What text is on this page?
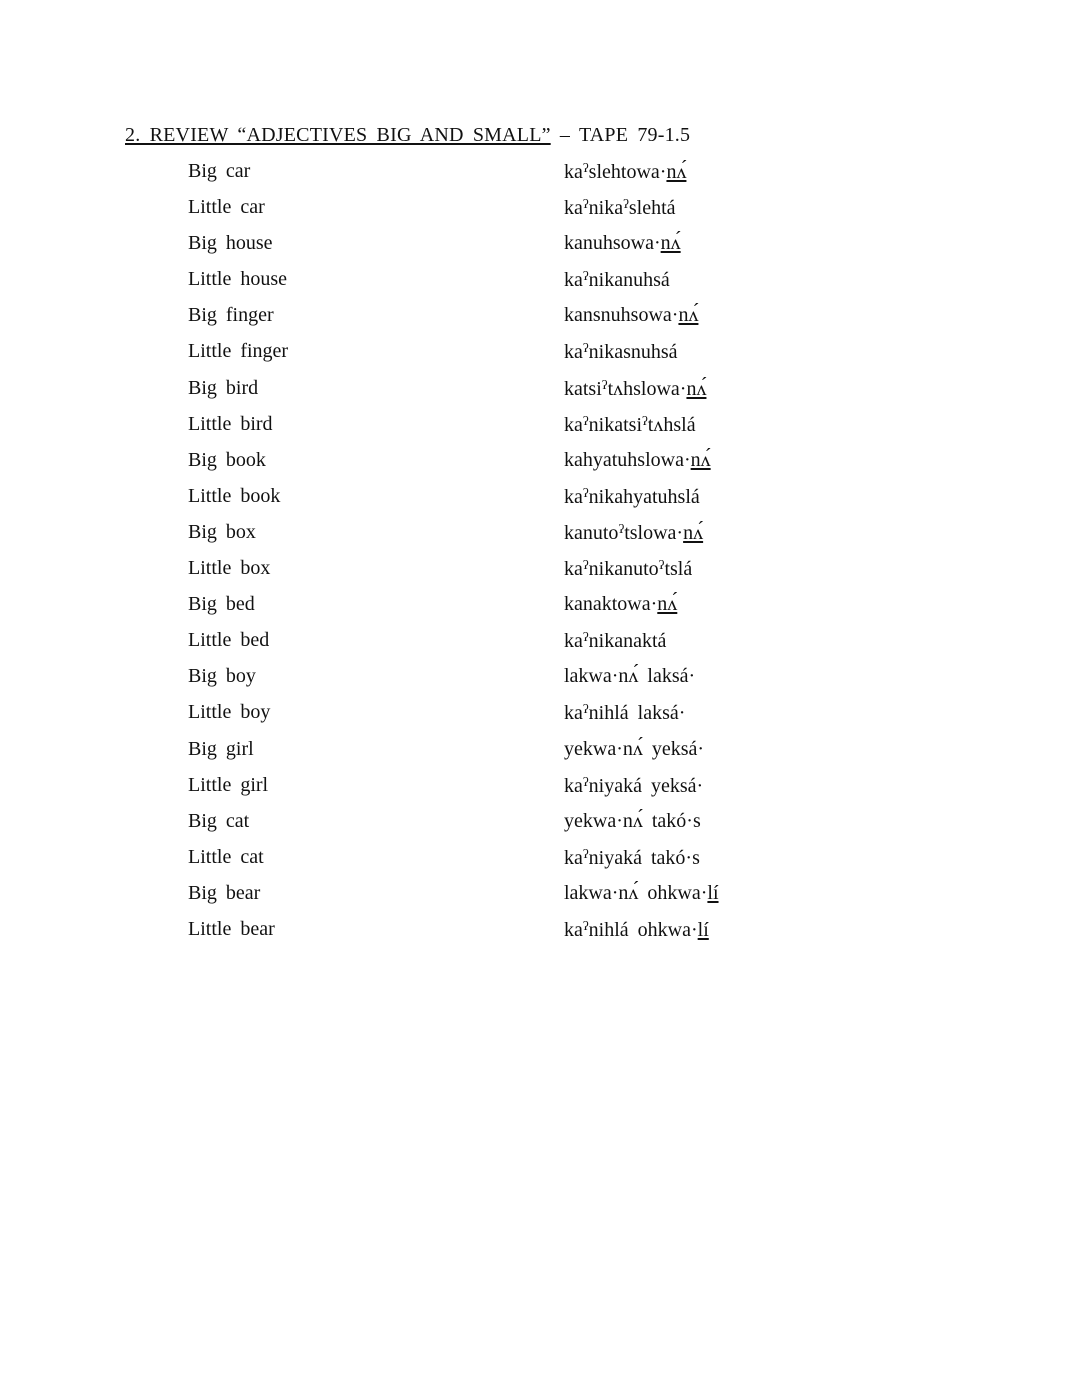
2. REVIEW “ADJECTIVES BIG AND SMALL” – TAPE 79-1.5
Big car	$ka^ʔslehtowa\cdot nʌ́$
Little car	$ka^ʔnika^ʔslehtá$
Big house	kanuhsowa·nʌ́
Little house	$ka^ʔnikanuhsá$
Big finger	kansnuhsowa·nʌ́
Little finger	$ka^ʔnikasnuhsá$
Big bird	katsi$^ʔ$tʌhslowa·nʌ́
Little bird	$ka^ʔnikatsi^ʔtʌhslá$
Big book	kahyatuhslowa·nʌ́
Little book	$ka^ʔnikahyatuhslá$
Big box	kanuto$^ʔ$tslowa·nʌ́
Little box	$ka^ʔnikanuto^ʔtslá$
Big bed	kanaktowa·nʌ́
Little bed	$ka^ʔnikanaktá$
Big boy	lakwa·nʌ́ laksá·
Little boy	$ka^ʔnihlá$ laksá·
Big girl	yekwa·nʌ́ yeksá·
Little girl	$ka^ʔniyaká$ yeksá·
Big cat	yekwa·nʌ́ takó·s
Little cat	$ka^ʔniyaká$ takó·s
Big bear	lakwa·nʌ́ ohkwa·lí
Little bear	$ka^ʔnihlá$ ohkwa·lí
